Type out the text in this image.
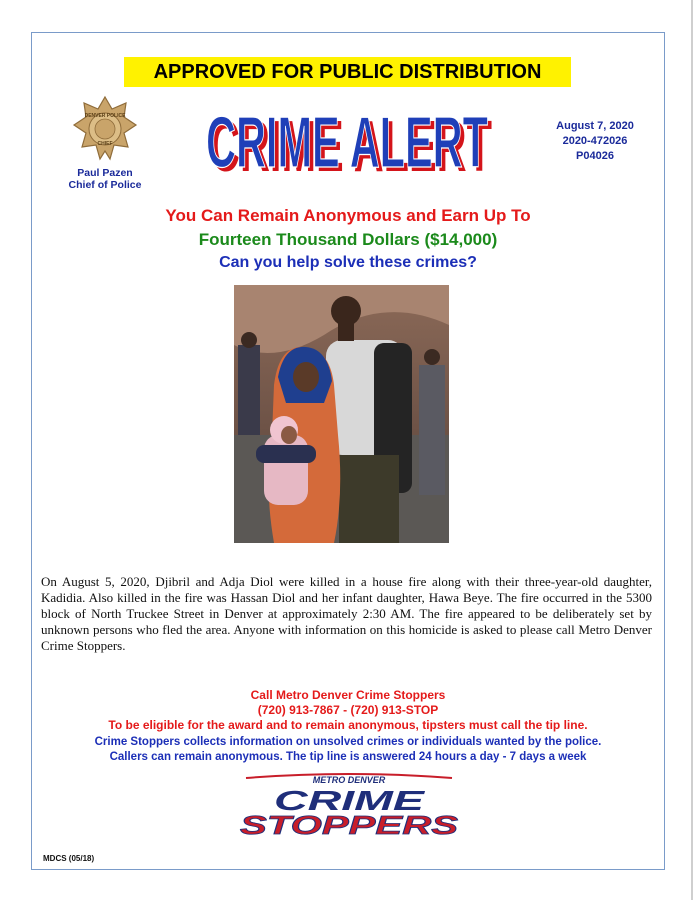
APPROVED FOR PUBLIC DISTRIBUTION
DENVER POLICE
CHIEF
Paul Pazen
Chief of Police CRIME ALERT
CRIME ALERT	August 7, 2020
2020-472026
P04026
You Can Remain Anonymous and Earn Up To
Fourteen Thousand Dollars ($14,000)
Can you help solve these crimes?
On August 5, 2020, Djibril and Adja Diol were killed in a house fire along with their three-year-old daughter, Kadidia. Also killed in the fire was Hassan Diol and her infant daughter, Hawa Beye. The fire occurred in the 5300 block of North Truckee Street in Denver at approximately 2:30 AM. The fire appeared to be deliberately set by unknown persons who fled the area. Anyone with information on this homicide is asked to please call Metro Denver Crime Stoppers.
Call Metro Denver Crime Stoppers
(720) 913-7867 - (720) 913-STOP
To be eligible for the award and to remain anonymous, tipsters must call the tip line.
Crime Stoppers collects information on unsolved crimes or individuals wanted by the police.
Callers can remain anonymous. The tip line is answered 24 hours a day - 7 days a week
METRO DENVER
CRIME
STOPPERS
MDCS (05/18)
